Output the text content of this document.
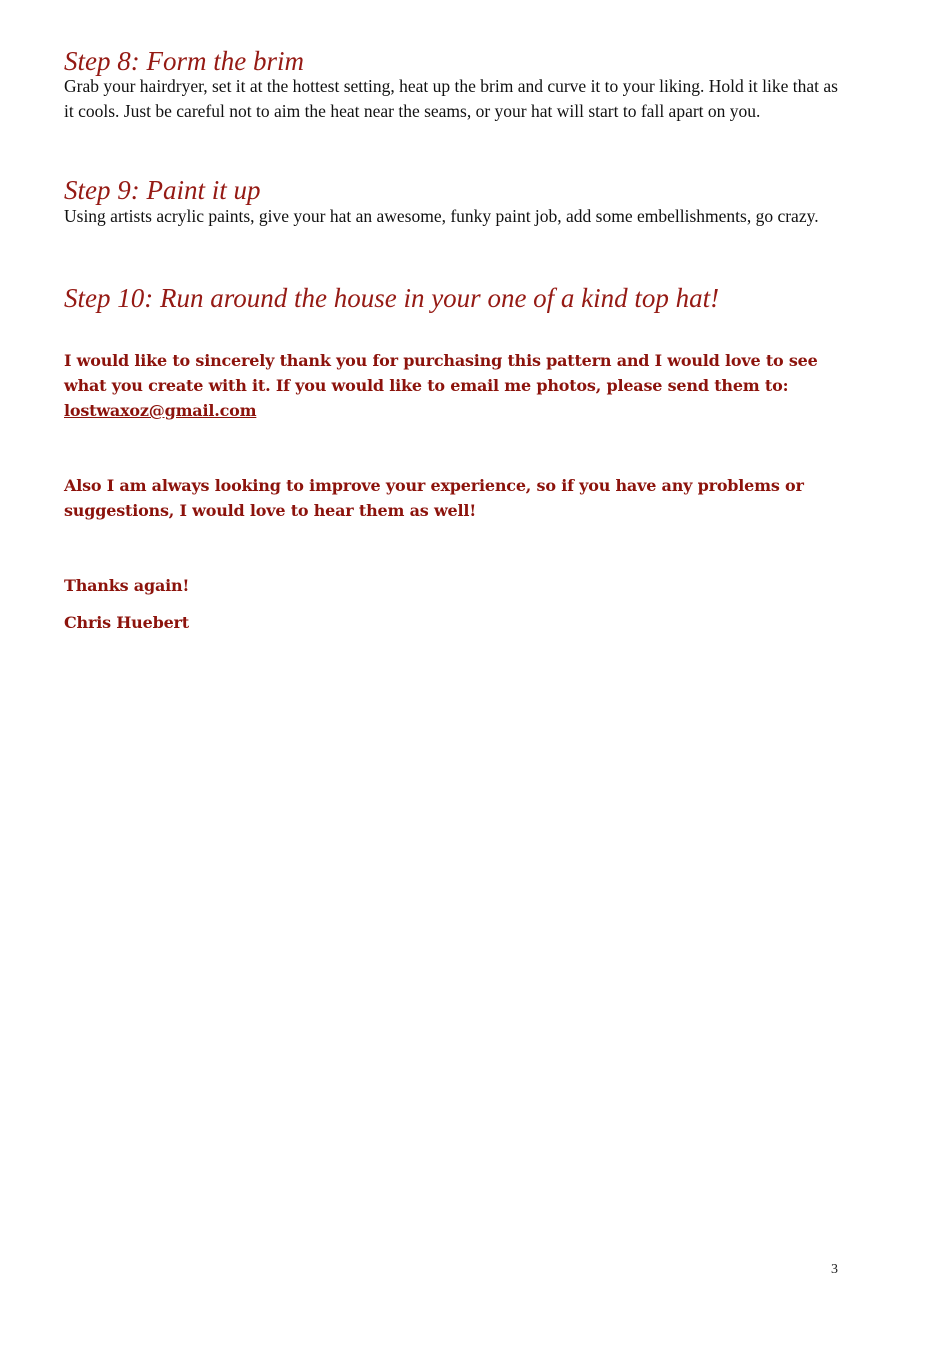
Step 8: Form the brim

Grab your hairdryer, set it at the hottest setting, heat up the brim and curve it to your liking. Hold it like that as it cools. Just be careful not to aim the heat near the seams, or your hat will start to fall apart on you.

Step 9: Paint it up

Using artists acrylic paints, give your hat an awesome, funky paint job, add some embellishments, go crazy.

Step 10: Run around the house in your one of a kind top hat!

I would like to sincerely thank you for purchasing this pattern and I would love to see what you create with it. If you would like to email me photos, please send them to:
lostwaxoz@gmail.com

Also I am always looking to improve your experience, so if you have any problems or suggestions, I would love to hear them as well!

Thanks again!

Chris Huebert

3
